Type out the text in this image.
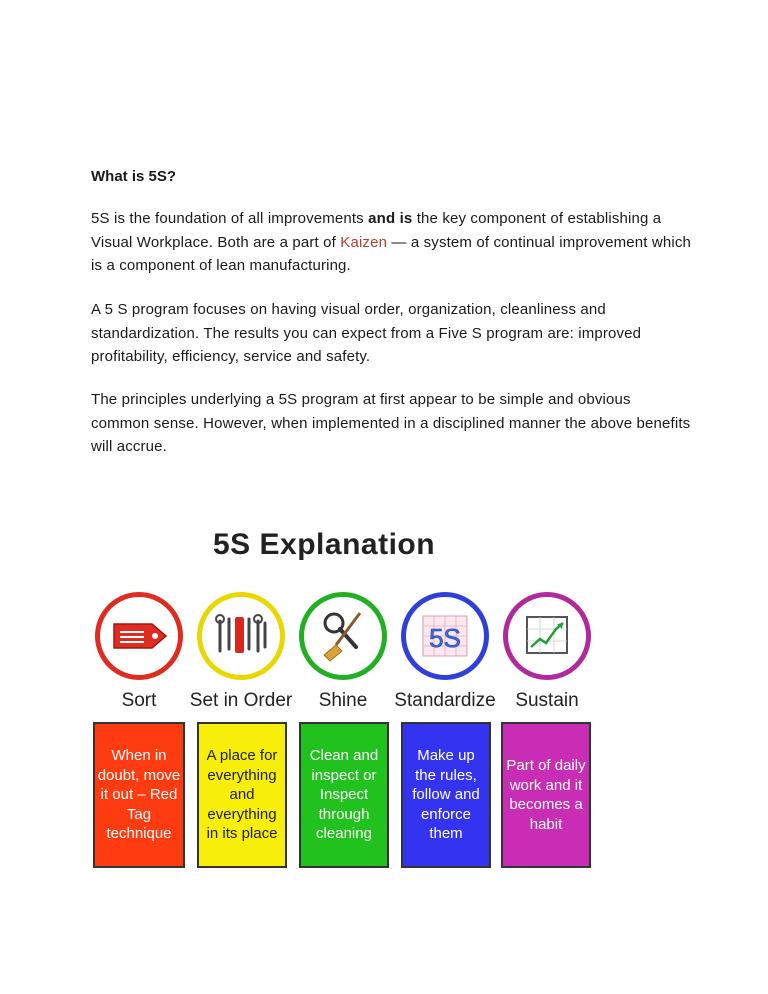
What is 5S?

5S is the foundation of all improvements and is the key component of establishing a Visual Workplace. Both are a part of Kaizen — a system of continual improvement which is a component of lean manufacturing.

A 5 S program focuses on having visual order, organization, cleanliness and standardization. The results you can expect from a Five S program are: improved profitability, efficiency, service and safety.

The principles underlying a 5S program at first appear to be simple and obvious common sense. However, when implemented in a disciplined manner the above benefits will accrue.

5S Explanation
5S
Sort	Set in Order	Shine	Standardize	Sustain
When in doubt, move it out – Red Tag technique
A place for everything and everything in its place
Clean and inspect or Inspect through cleaning
Make up the rules, follow and enforce them
Part of daily work and it becomes a habit
